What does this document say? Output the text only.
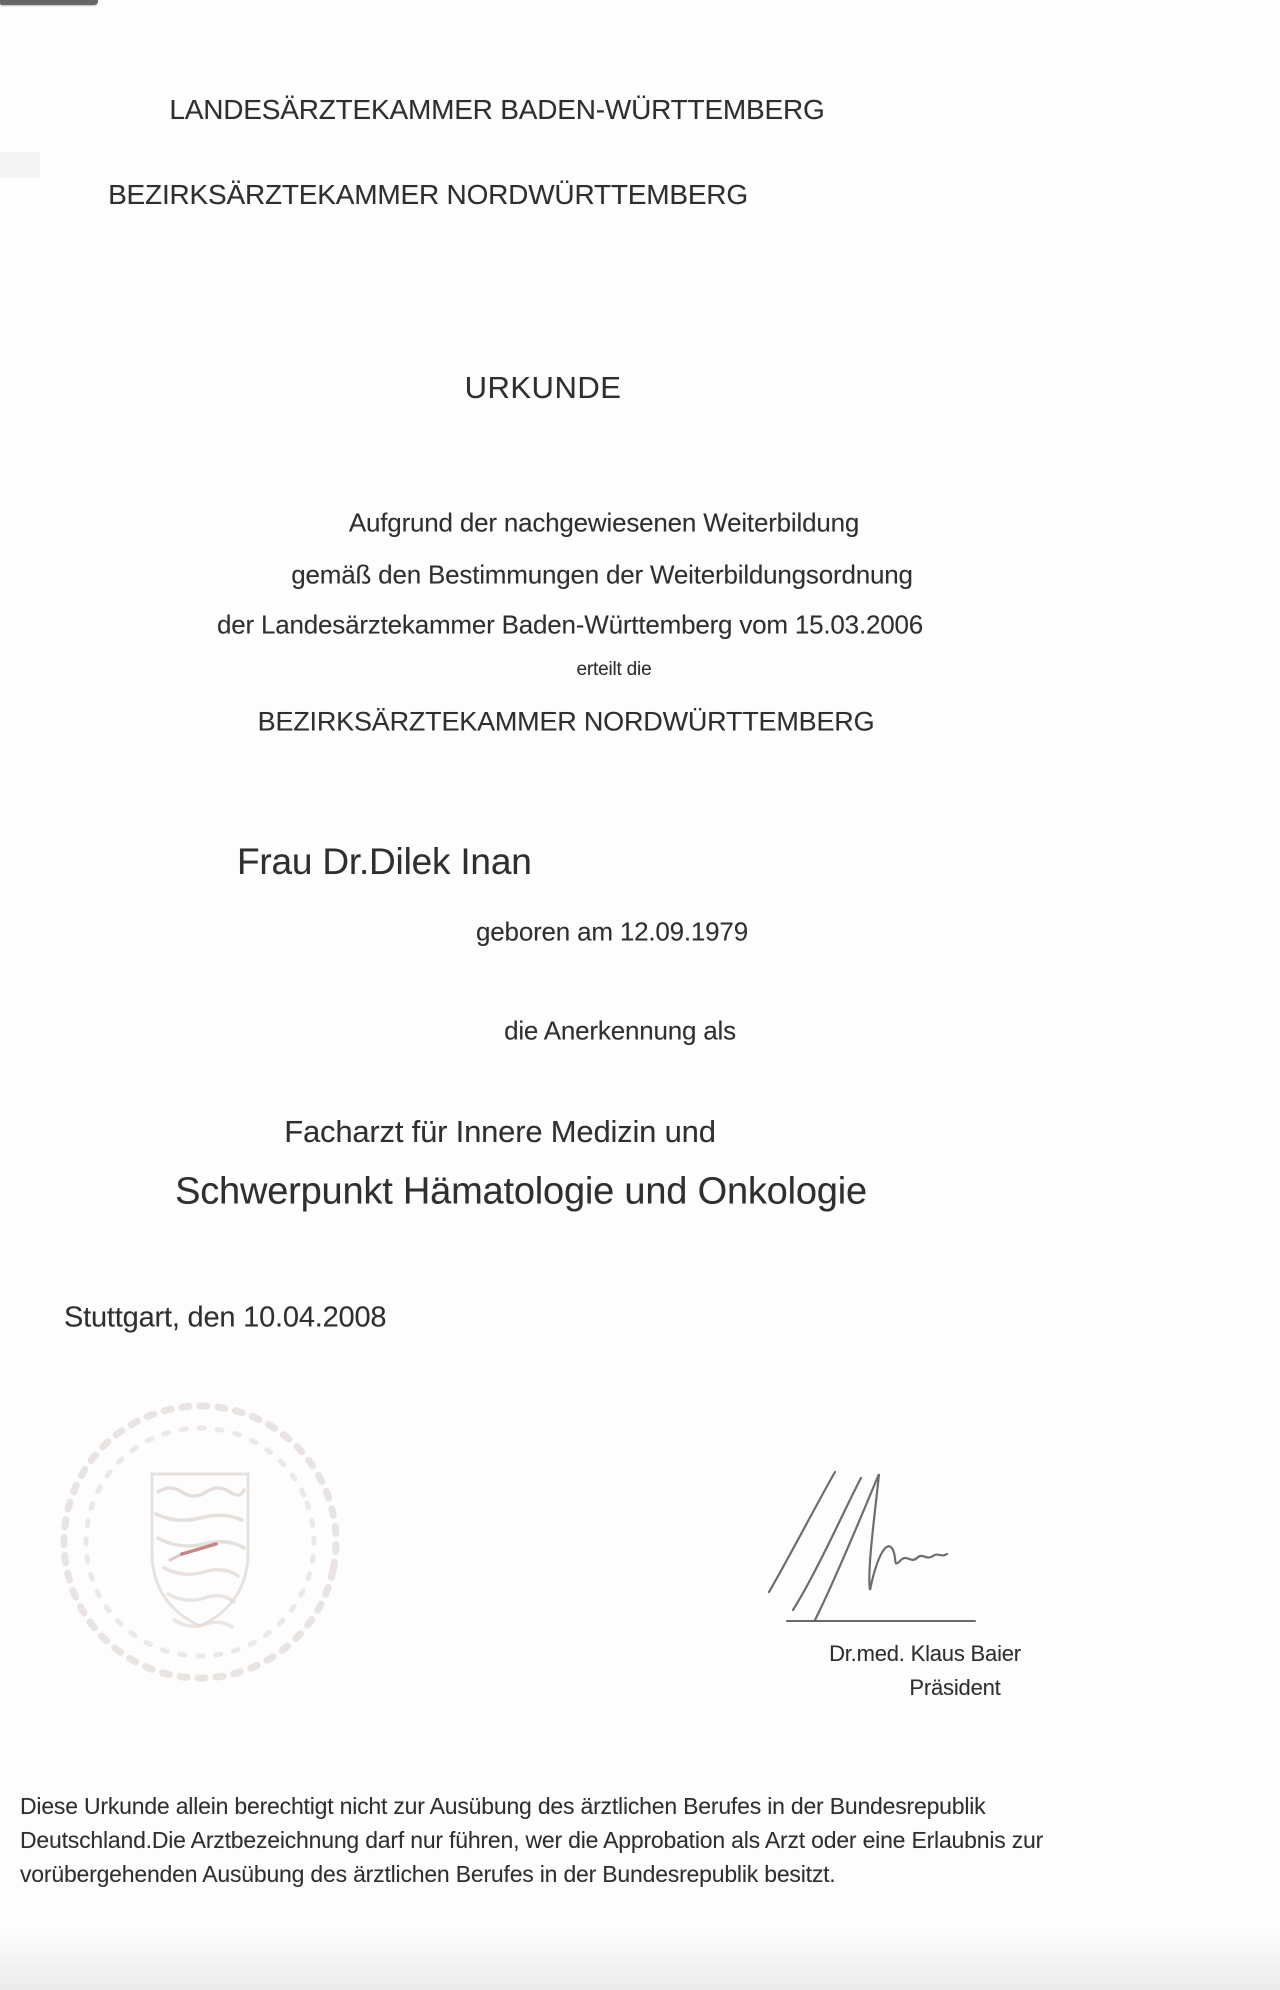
LANDESÄRZTEKAMMER BADEN-WÜRTTEMBERG
BEZIRKSÄRZTEKAMMER NORDWÜRTTEMBERG
URKUNDE
Aufgrund der nachgewiesenen Weiterbildung
gemäß den Bestimmungen der Weiterbildungsordnung
der Landesärztekammer Baden-Württemberg vom 15.03.2006
erteilt die
BEZIRKSÄRZTEKAMMER NORDWÜRTTEMBERG
Frau Dr.Dilek Inan
geboren am 12.09.1979
die Anerkennung als
Facharzt für Innere Medizin und
Schwerpunkt Hämatologie und Onkologie
Stuttgart, den 10.04.2008
Dr.med. Klaus Baier
Präsident
Diese Urkunde allein berechtigt nicht zur Ausübung des ärztlichen Berufes in der Bundesrepublik
Deutschland.Die Arztbezeichnung darf nur führen, wer die Approbation als Arzt oder eine Erlaubnis zur
vorübergehenden Ausübung des ärztlichen Berufes in der Bundesrepublik besitzt.
